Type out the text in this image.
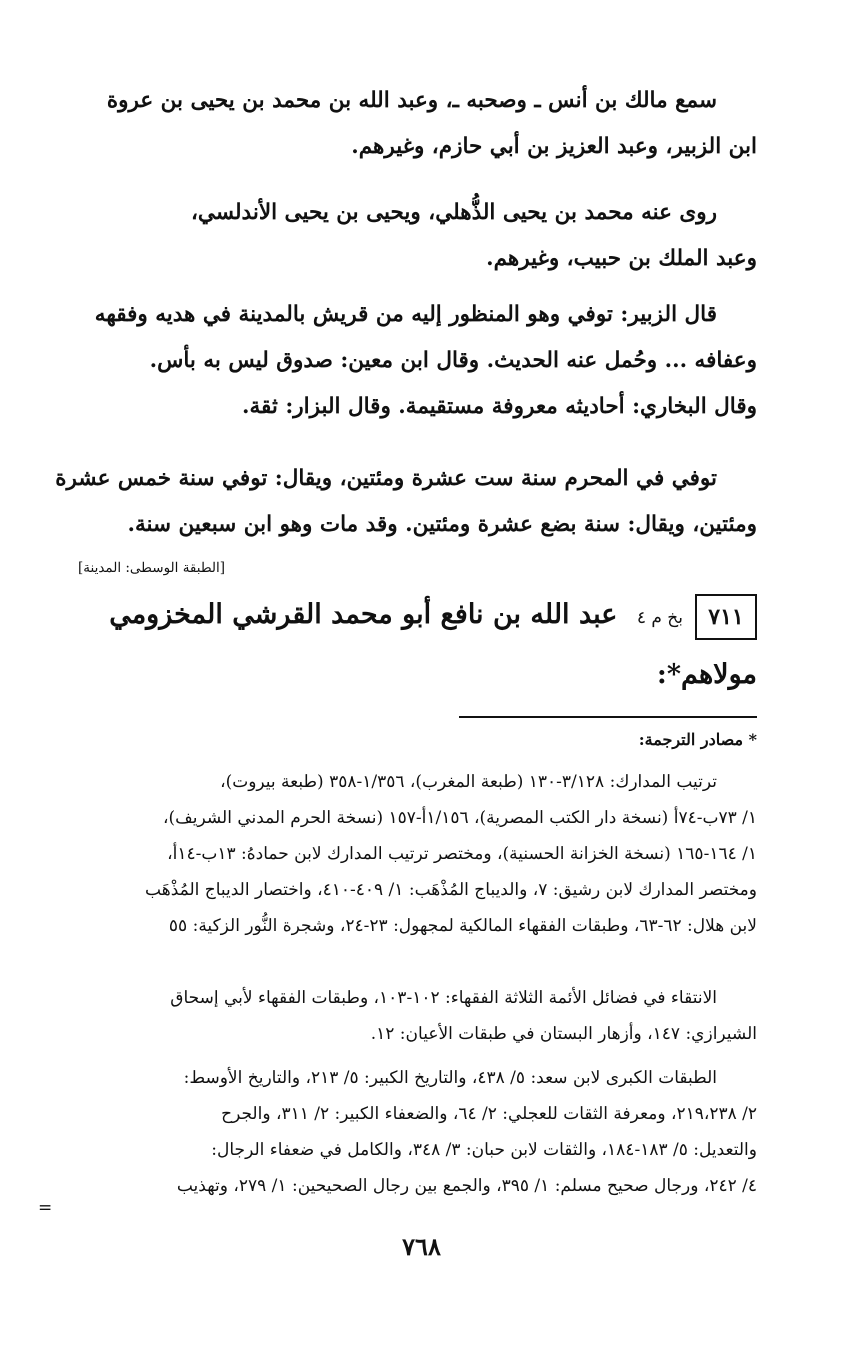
سمع مالك بن أنس ـ وصحبه ـ، وعبد الله بن محمد بن يحيى بن عروة
ابن الزبير، وعبد العزيز بن أبي حازم، وغيرهم.
روى عنه محمد بن يحيى الذُّهلي، ويحيى بن يحيى الأندلسي،
وعبد الملك بن حبيب، وغيرهم.
قال الزبير: توفي وهو المنظور إليه من قريش بالمدينة في هديه وفقهه
وعفافه ... وحُمل عنه الحديث. وقال ابن معين: صدوق ليس به بأس.
وقال البخاري: أحاديثه معروفة مستقيمة. وقال البزار: ثقة.
توفي في المحرم سنة ست عشرة ومئتين، ويقال: توفي سنة خمس عشرة
ومئتين، ويقال: سنة بضع عشرة ومئتين. وقد مات وهو ابن سبعين سنة.
[الطبقة الوسطى: المدينة]
٧١١
بخ م ٤ عبد الله بن نافع أبو محمد القرشي المخزومي
مولاهم*:
* مصادر الترجمة:
ترتيب المدارك: ٣/١٢٨-١٣٠ (طبعة المغرب)، ١/٣٥٦-٣٥٨ (طبعة بيروت)،
١/ ٧٣ب-٧٤أ (نسخة دار الكتب المصرية)، ١/١٥٦أ-١٥٧ (نسخة الحرم المدني الشريف)،
١/ ١٦٤-١٦٥ (نسخة الخزانة الحسنية)، ومختصر ترتيب المدارك لابن حمادهُ: ١٣ب-١٤أ،
ومختصر المدارك لابن رشيق: ٧، والديباج المُذْهَب: ١/ ٤٠٩-٤١٠، واختصار الديباج المُذْهَب
لابن هلال: ٦٢-٦٣، وطبقات الفقهاء المالكية لمجهول: ٢٣-٢٤، وشجرة النُّور الزكية: ٥٥
الانتقاء في فضائل الأئمة الثلاثة الفقهاء: ١٠٢-١٠٣، وطبقات الفقهاء لأبي إسحاق
الشيرازي: ١٤٧، وأزهار البستان في طبقات الأعيان: ١٢.
الطبقات الكبرى لابن سعد: ٥/ ٤٣٨، والتاريخ الكبير: ٥/ ٢١٣، والتاريخ الأوسط:
٢/ ٢١٩،٢٣٨، ومعرفة الثقات للعجلي: ٢/ ٦٤، والضعفاء الكبير: ٢/ ٣١١، والجرح
والتعديل: ٥/ ١٨٣-١٨٤، والثقات لابن حبان: ٣/ ٣٤٨، والكامل في ضعفاء الرجال:
٤/ ٢٤٢، ورجال صحيح مسلم: ١/ ٣٩٥، والجمع بين رجال الصحيحين: ١/ ٢٧٩، وتهذيب
=
٧٦٨
